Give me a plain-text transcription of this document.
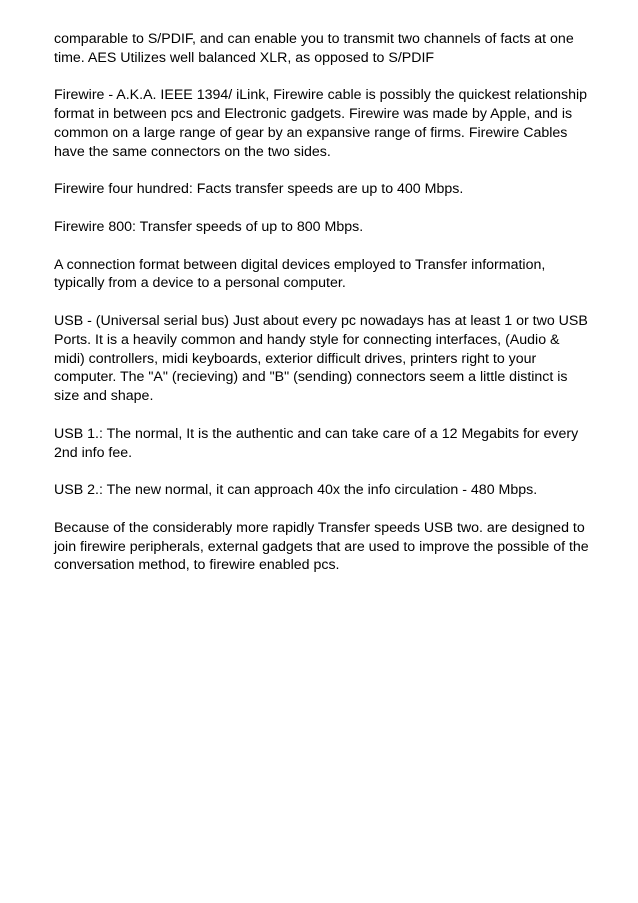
comparable to S/PDIF, and can enable you to transmit two channels of facts at one time. AES Utilizes well balanced XLR, as opposed to S/PDIF

Firewire - A.K.A. IEEE 1394/ iLink, Firewire cable is possibly the quickest relationship format in between pcs and Electronic gadgets. Firewire was made by Apple, and is common on a large range of gear by an expansive range of firms. Firewire Cables have the same connectors on the two sides.

Firewire four hundred: Facts transfer speeds are up to 400 Mbps.

Firewire 800: Transfer speeds of up to 800 Mbps.

A connection format between digital devices employed to Transfer information, typically from a device to a personal computer.

USB - (Universal serial bus) Just about every pc nowadays has at least 1 or two USB Ports. It is a heavily common and handy style for connecting interfaces, (Audio & midi) controllers, midi keyboards, exterior difficult drives, printers right to your computer. The "A" (recieving) and "B" (sending) connectors seem a little distinct is size and shape.

USB 1.: The normal, It is the authentic and can take care of a 12 Megabits for every 2nd info fee.

USB 2.: The new normal, it can approach 40x the info circulation - 480 Mbps.

Because of the considerably more rapidly Transfer speeds USB two. are designed to join firewire peripherals, external gadgets that are used to improve the possible of the conversation method, to firewire enabled pcs.
